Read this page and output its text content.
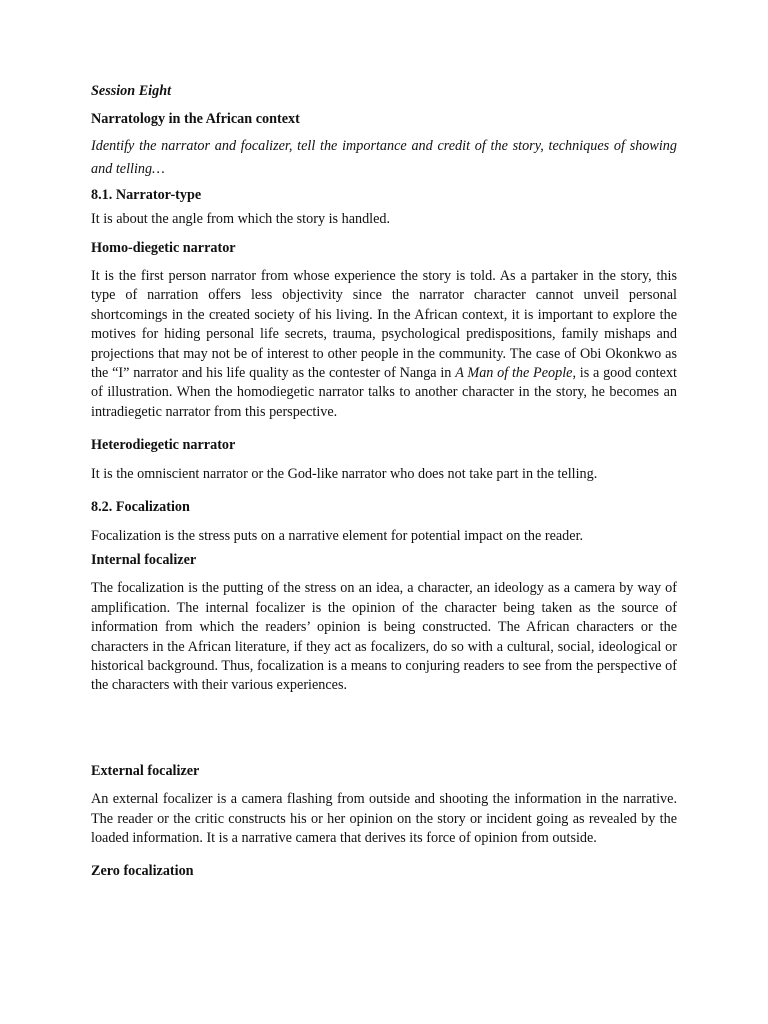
Session Eight

Narratology in the African context

Identify the narrator and focalizer, tell the importance and credit of the story, techniques of showing and telling…

8.1. Narrator-type

It is about the angle from which the story is handled.

Homo-diegetic narrator

It is the first person narrator from whose experience the story is told. As a partaker in the story, this type of narration offers less objectivity since the narrator character cannot unveil personal shortcomings in the created society of his living. In the African context, it is important to explore the motives for hiding personal life secrets, trauma, psychological predispositions, family mishaps and projections that may not be of interest to other people in the community. The case of Obi Okonkwo as the “I” narrator and his life quality as the contester of Nanga in A Man of the People, is a good context of illustration. When the homodiegetic narrator talks to another character in the story, he becomes an intradiegetic narrator from this perspective.

Heterodiegetic narrator

It is the omniscient narrator or the God-like narrator who does not take part in the telling.

8.2. Focalization

Focalization is the stress puts on a narrative element for potential impact on the reader.

Internal focalizer

The focalization is the putting of the stress on an idea, a character, an ideology as a camera by way of amplification. The internal focalizer is the opinion of the character being taken as the source of information from which the readers’ opinion is being constructed. The African characters or the characters in the African literature, if they act as focalizers, do so with a cultural, social, ideological or historical background. Thus, focalization is a means to conjuring readers to see from the perspective of the characters with their various experiences.

External focalizer

An external focalizer is a camera flashing from outside and shooting the information in the narrative. The reader or the critic constructs his or her opinion on the story or incident going as revealed by the loaded information. It is a narrative camera that derives its force of opinion from outside.

Zero focalization
